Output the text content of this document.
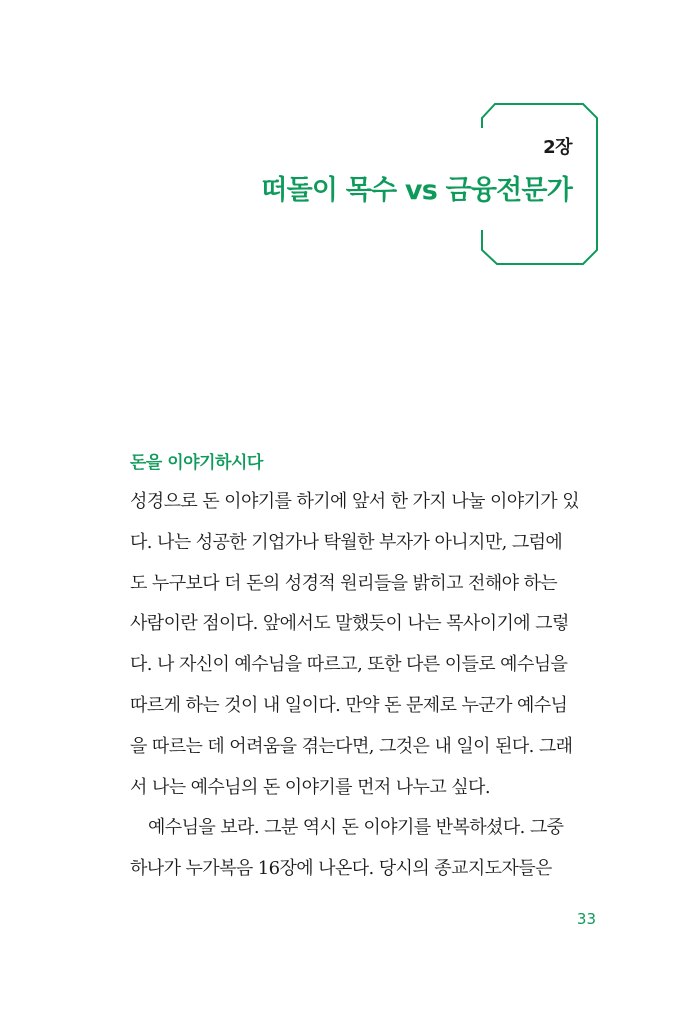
2장
떠돌이 목수 vs 금융전문가
돈을 이야기하시다
성경으로 돈 이야기를 하기에 앞서 한 가지 나눌 이야기가 있
다. 나는 성공한 기업가나 탁월한 부자가 아니지만, 그럼에
도 누구보다 더 돈의 성경적 원리들을 밝히고 전해야 하는
사람이란 점이다. 앞에서도 말했듯이 나는 목사이기에 그렇
다. 나 자신이 예수님을 따르고, 또한 다른 이들로 예수님을
따르게 하는 것이 내 일이다. 만약 돈 문제로 누군가 예수님
을 따르는 데 어려움을 겪는다면, 그것은 내 일이 된다. 그래
서 나는 예수님의 돈 이야기를 먼저 나누고 싶다.
예수님을 보라. 그분 역시 돈 이야기를 반복하셨다. 그중
하나가 누가복음 16장에 나온다. 당시의 종교지도자들은
33
